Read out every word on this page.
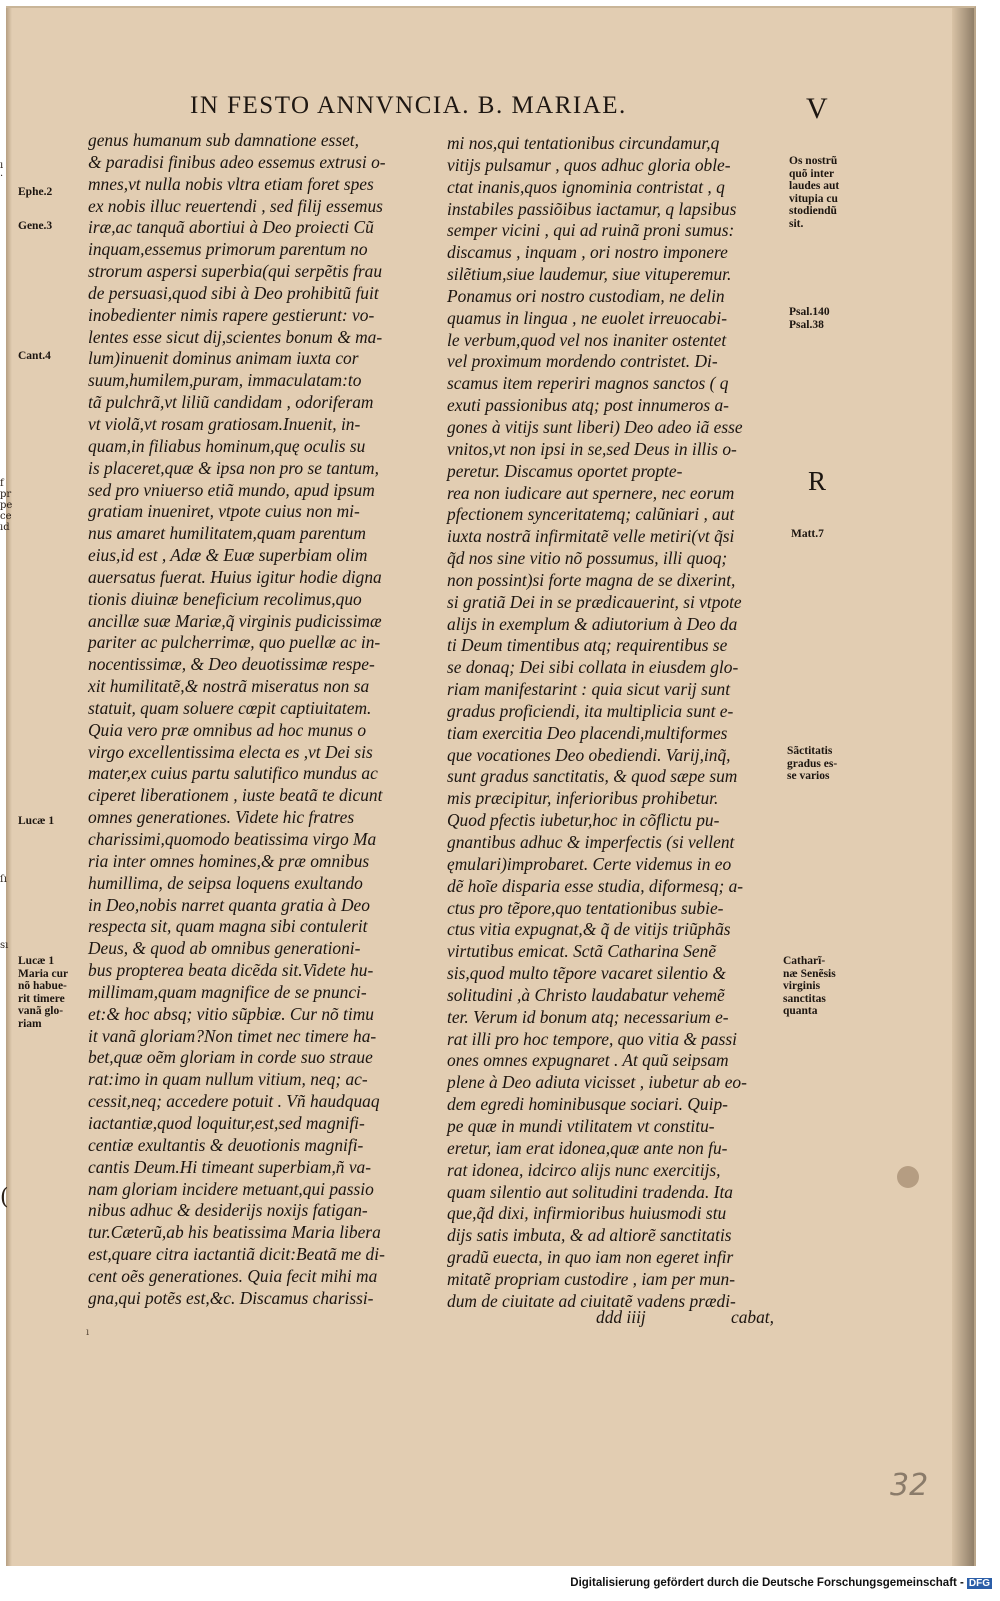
IN FESTO ANNVNCIA. B. MARIAE.	V
genus humanum sub damnatione esset,
& paradisi finibus adeo essemus extrusi o-
mnes,vt nulla nobis vltra etiam foret spes
ex nobis illuc reuertendi , sed filij essemus
iræ,ac tanquã abortiui à Deo proiecti Cũ
inquam,essemus primorum parentum no
strorum aspersi superbia(qui serpẽtis frau
de persuasi,quod sibi à Deo prohibitũ fuit
inobedienter nimis rapere gestierunt: vo-
lentes esse sicut dij,scientes bonum & ma-
lum)inuenit dominus animam iuxta cor
suum,humilem,puram, immaculatam:to
tã pulchrã,vt liliũ candidam , odoriferam
vt violã,vt rosam gratiosam.Inuenit, in-
quam,in filiabus hominum,quę oculis su
is placeret,quæ & ipsa non pro se tantum,
sed pro vniuerso etiã mundo, apud ipsum
gratiam inueniret, vtpote cuius non mi-
nus amaret humilitatem,quam parentum
eius,id est , Adæ & Euæ superbiam olim
auersatus fuerat. Huius igitur hodie digna
tionis diuinæ beneficium recolimus,quo
ancillæ suæ Mariæ,q̃ virginis pudicissimæ
pariter ac pulcherrimæ, quo puellæ ac in-
nocentissimæ, & Deo deuotissimæ respe-
xit humilitatẽ,& nostrã miseratus non sa
statuit, quam soluere cœpit captiuitatem.
Quia vero præ omnibus ad hoc munus o
virgo excellentissima electa es ,vt Dei sis
mater,ex cuius partu salutifico mundus ac
ciperet liberationem , iuste beatã te dicunt
omnes generationes. Videte hic fratres
charissimi,quomodo beatissima virgo Ma
ria inter omnes homines,& præ omnibus
humillima, de seipsa loquens exultando
in Deo,nobis narret quanta gratia à Deo
respecta sit, quam magna sibi contulerit
Deus, & quod ab omnibus generationi-
bus propterea beata dicẽda sit.Videte hu-
millimam,quam magnifice de se pnunci-
et:& hoc absq; vitio sũpbiæ. Cur nõ timu
it vanã gloriam?Non timet nec timere ha-
bet,quæ oẽm gloriam in corde suo straue
rat:imo in quam nullum vitium, neq; ac-
cessit,neq; accedere potuit . Vñ haudquaq
iactantiæ,quod loquitur,est,sed magnifi-
centiæ exultantis & deuotionis magnifi-
cantis Deum.Hi timeant superbiam,ñ va-
nam gloriam incidere metuant,qui passio
nibus adhuc & desiderijs noxijs fatigan-
tur.Cæterũ,ab his beatissima Maria libera
est,quare citra iactantiã dicit:Beatã me di-
cent oẽs generationes. Quia fecit mihi ma
gna,qui potẽs est,&c. Discamus charissi-
mi nos,qui tentationibus circundamur,q
vitijs pulsamur , quos adhuc gloria oble-
ctat inanis,quos ignominia contristat , q
instabiles passiõibus iactamur, q lapsibus
semper vicini , qui ad ruinã proni sumus:
discamus , inquam , ori nostro imponere
silẽtium,siue laudemur, siue vituperemur.
Ponamus ori nostro custodiam, ne delin
quamus in lingua , ne euolet irreuocabi-
le verbum,quod vel nos inaniter ostentet
vel proximum mordendo contristet. Di-
scamus item reperiri magnos sanctos ( q
exuti passionibus atq; post innumeros a-
gones à vitijs sunt liberi) Deo adeo iã esse
vnitos,vt non ipsi in se,sed Deus in illis o-
peretur. Discamus oportet propte-
rea non iudicare aut spernere, nec eorum
pfectionem synceritatemq; calũniari , aut
iuxta nostrã infirmitatẽ velle metiri(vt q̃si
q̃d nos sine vitio nõ possumus, illi quoq;
non possint)si forte magna de se dixerint,
si gratiã Dei in se prædicauerint, si vtpote
alijs in exemplum & adiutorium à Deo da
ti Deum timentibus atq; requirentibus se
se donaq; Dei sibi collata in eiusdem glo-
riam manifestarint : quia sicut varij sunt
gradus proficiendi, ita multiplicia sunt e-
tiam exercitia Deo placendi,multiformes
que vocationes Deo obediendi. Varij,inq̃,
sunt gradus sanctitatis, & quod sæpe sum
mis præcipitur, inferioribus prohibetur.
Quod pfectis iubetur,hoc in cõflictu pu-
gnantibus adhuc & imperfectis (si vellent
ęmulari)improbaret. Certe videmus in eo
dẽ hoĩe disparia esse studia, diformesq; a-
ctus pro tẽpore,quo tentationibus subie-
ctus vitia expugnat,& q̃ de vitijs triũphãs
virtutibus emicat. Sctã Catharina Senẽ
sis,quod multo tẽpore vacaret silentio &
solitudini ,à Christo laudabatur vehemẽ
ter. Verum id bonum atq; necessarium e-
rat illi pro hoc tempore, quo vitia & passi
ones omnes expugnaret . At quũ seipsam
plene à Deo adiuta vicisset , iubetur ab eo-
dem egredi hominibusque sociari. Quip-
pe quæ in mundi vtilitatem vt constitu-
eretur, iam erat idonea,quæ ante non fu-
rat idonea, idcirco alijs nunc exercitijs,
quam silentio aut solitudini tradenda. Ita
que,q̃d dixi, infirmioribus huiusmodi stu
dijs satis imbuta, & ad altiorẽ sanctitatis
gradũ euecta, in quo iam non egeret infir
mitatẽ propriam custodire , iam per mun-
dum de ciuitate ad ciuitatẽ vadens prædi-
Ephe.2
Gene.3
Cant.4
Lucæ 1
Lucæ 1
Maria cur
nõ habue-
rit timere
vanã glo-
riam
Os nostrũ
quõ inter
laudes aut
vitupia cu
stodiendũ
sit.
Psal.140
Psal.38
Matt.7
Sãctitatis
gradus es-
se varios
Catharĩ-
næ Senẽsis
virginis
sanctitas
quanta
R
ı
·
f
pr
pe
ce
ıd
ſı
sı
(
ddd iiij	cabat,
ı
32
Digitalisierung gefördert durch die Deutsche Forschungsgemeinschaft - DFG
